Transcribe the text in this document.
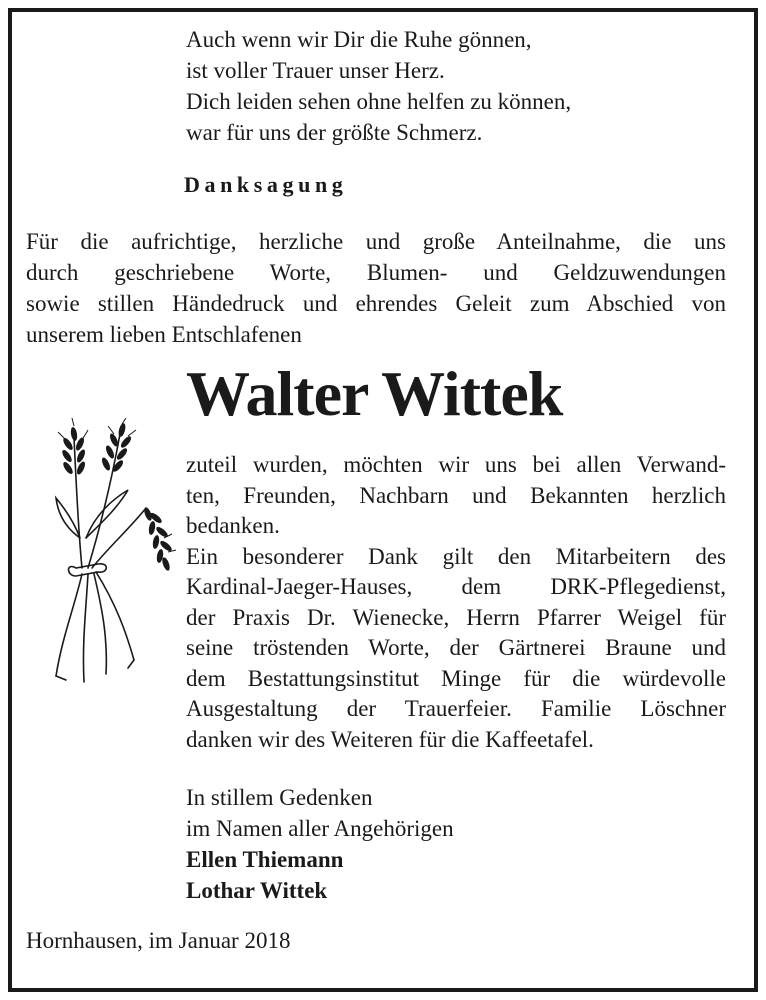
Auch wenn wir Dir die Ruhe gönnen,
ist voller Trauer unser Herz.
Dich leiden sehen ohne helfen zu können,
war für uns der größte Schmerz.
Danksagung
Für die aufrichtige, herzliche und große Anteilnahme, die uns
durch geschriebene Worte, Blumen- und Geldzuwendungen
sowie stillen Händedruck und ehrendes Geleit zum Abschied von
unserem lieben Entschlafenen
Walter Wittek
zuteil wurden, möchten wir uns bei allen Verwand-
ten, Freunden, Nachbarn und Bekannten herzlich
bedanken.
Ein besonderer Dank gilt den Mitarbeitern des
Kardinal-Jaeger-Hauses, dem DRK-Pflegedienst,
der Praxis Dr. Wienecke, Herrn Pfarrer Weigel für
seine tröstenden Worte, der Gärtnerei Braune und
dem Bestattungsinstitut Minge für die würdevolle
Ausgestaltung der Trauerfeier. Familie Löschner
danken wir des Weiteren für die Kaffeetafel.
In stillem Gedenken
im Namen aller Angehörigen
Ellen Thiemann
Lothar Wittek
Hornhausen, im Januar 2018
